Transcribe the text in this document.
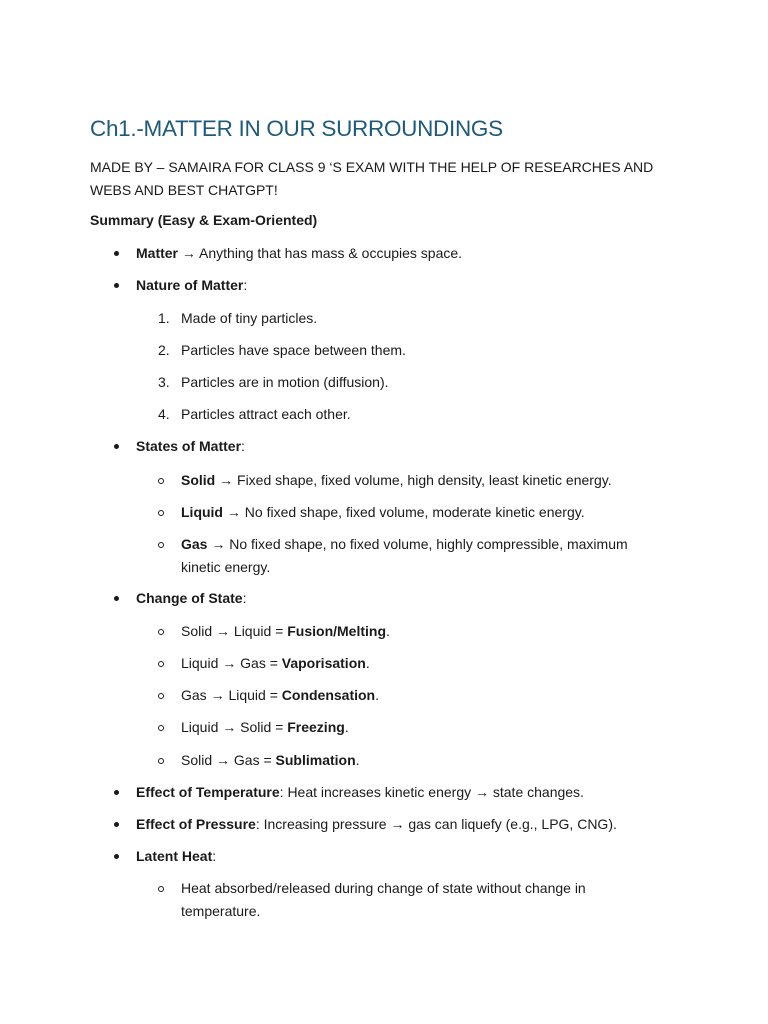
Ch1.-MATTER IN OUR SURROUNDINGS

MADE BY – SAMAIRA FOR CLASS 9 ‘S EXAM WITH THE HELP OF RESEARCHES AND WEBS AND BEST CHATGPT!

Summary (Easy & Exam-Oriented)

Matter → Anything that has mass & occupies space.
Nature of Matter:
1. Made of tiny particles.
2. Particles have space between them.
3. Particles are in motion (diffusion).
4. Particles attract each other.
States of Matter:
Solid → Fixed shape, fixed volume, high density, least kinetic energy.
Liquid → No fixed shape, fixed volume, moderate kinetic energy.
Gas → No fixed shape, no fixed volume, highly compressible, maximum kinetic energy.
Change of State:
Solid → Liquid = Fusion/Melting.
Liquid → Gas = Vaporisation.
Gas → Liquid = Condensation.
Liquid → Solid = Freezing.
Solid → Gas = Sublimation.
Effect of Temperature: Heat increases kinetic energy → state changes.
Effect of Pressure: Increasing pressure → gas can liquefy (e.g., LPG, CNG).
Latent Heat:
Heat absorbed/released during change of state without change in temperature.
